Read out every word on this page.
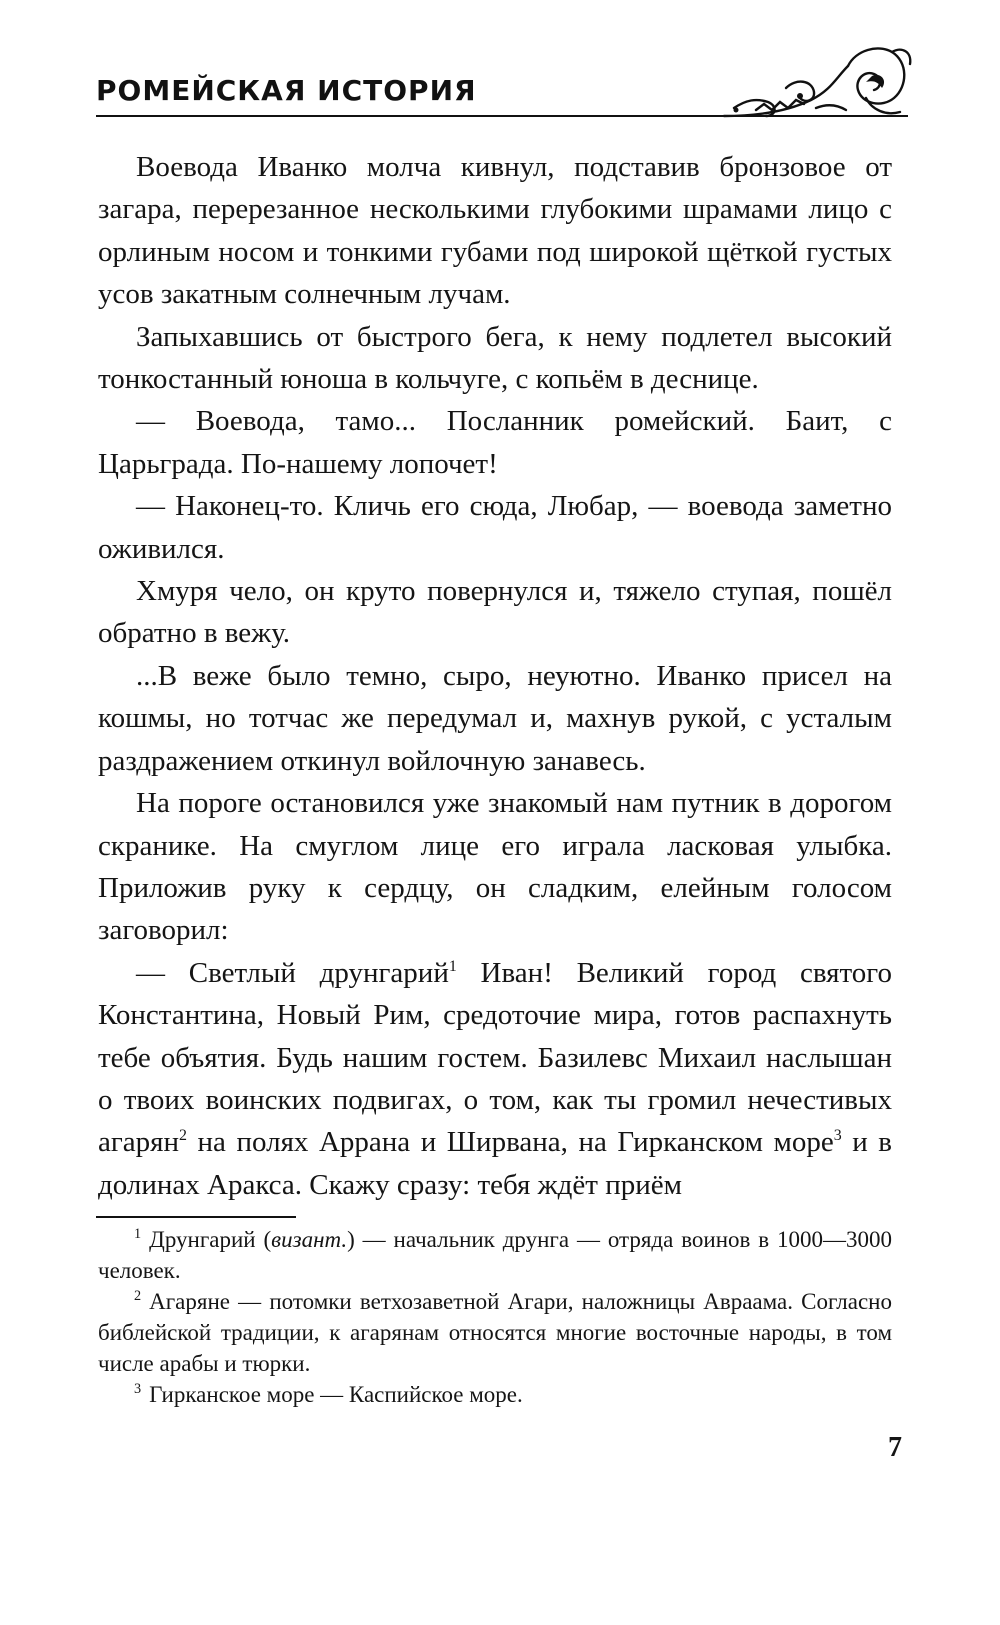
РОМЕЙСКАЯ ИСТОРИЯ

Воевода Иванко молча кивнул, подставив бронзовое от загара, перерезанное несколькими глубокими шрамами лицо с орлиным носом и тонкими губами под широкой щёткой густых усов закатным солнечным лучам.

Запыхавшись от быстрого бега, к нему подлетел высокий тонкостанный юноша в кольчуге, с копьём в деснице.

— Воевода, тамо... Посланник ромейский. Баит, с Царьграда. По-нашему лопочет!

— Наконец-то. Кличь его сюда, Любар, — воевода заметно оживился.

Хмуря чело, он круто повернулся и, тяжело ступая, пошёл обратно в вежу.

...В веже было темно, сыро, неуютно. Иванко присел на кошмы, но тотчас же передумал и, махнув рукой, с усталым раздражением откинул войлочную занавесь.

На пороге остановился уже знакомый нам путник в дорогом скранике. На смуглом лице его играла ласковая улыбка. Приложив руку к сердцу, он сладким, елейным голосом заговорил:

— Светлый друнгарий$^1$ Иван! Великий город святого Константина, Новый Рим, средоточие мира, готов распахнуть тебе объятия. Будь нашим гостем. Базилевс Михаил наслышан о твоих воинских подвигах, о том, как ты громил нечестивых агарян$^2$ на полях Аррана и Ширвана, на Гирканском море$^3$ и в долинах Аракса. Скажу сразу: тебя ждёт приём

$^1$ Друнгарий (визант.) — начальник друнга — отряда воинов в 1000—3000 человек.

$^2$ Агаряне — потомки ветхозаветной Агари, наложницы Авраама. Согласно библейской традиции, к агарянам относятся многие восточные народы, в том числе арабы и тюрки.

$^3$ Гирканское море — Каспийское море.

7
